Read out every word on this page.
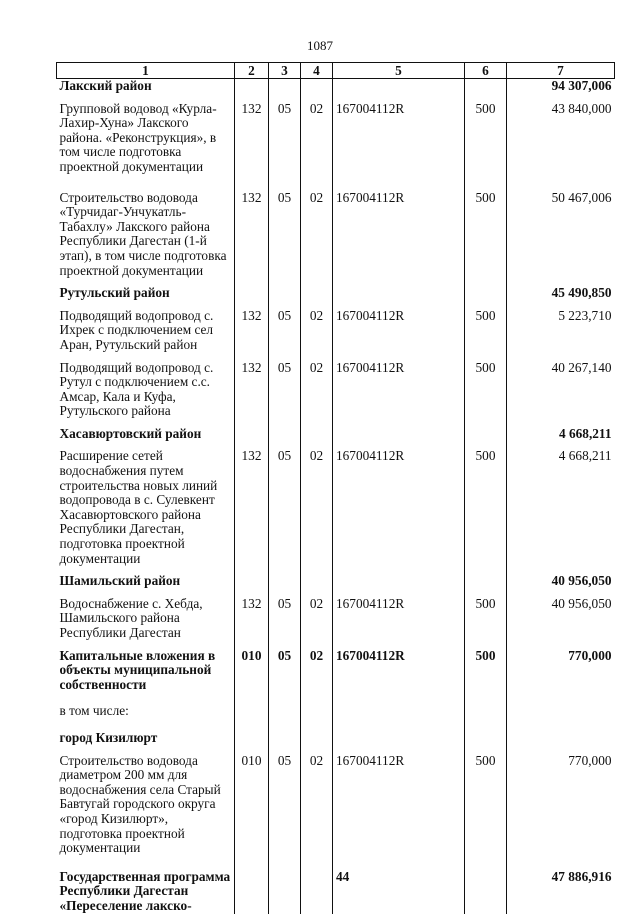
1087
1	2	3	4	5	6	7
Лакский район						94 307,006

Групповой водовод «Курла-Лахир-Хуна» Лакского района. «Реконструкция», в том числе подготовка проектной документации	132	05	02	167004112R	500	43 840,000

Строительство водовода «Турчидаг-Унчукатль-Табахлу» Лакского района Республики Дагестан (1-й этап), в том числе подготовка проектной документации	132	05	02	167004112R	500	50 467,006

Рутульский район						45 490,850

Подводящий водопровод с. Ихрек с подключением сел Аран, Рутульский район	132	05	02	167004112R	500	5 223,710

Подводящий водопровод с. Рутул с подключением с.с. Амсар, Кала и Куфа, Рутульского района	132	05	02	167004112R	500	40 267,140

Хасавюртовский район						4 668,211

Расширение сетей водоснабжения путем строительства новых линий водопровода в с. Сулевкент Хасавюртовского района Республики Дагестан, подготовка проектной документации	132	05	02	167004112R	500	4 668,211

Шамильский район						40 956,050

Водоснабжение с. Хебда, Шамильского района Республики Дагестан	132	05	02	167004112R	500	40 956,050

Капитальные вложения в объекты муниципальной собственности	010	05	02	167004112R	500	770,000

в том числе:						

город Кизилюрт						

Строительство водовода диаметром 200 мм для водоснабжения села Старый Бавтугай городского округа «город Кизилюрт», подготовка проектной документации	010	05	02	167004112R	500	770,000

Государственная программа Республики Дагестан «Переселение лакско-				44		47 886,916
